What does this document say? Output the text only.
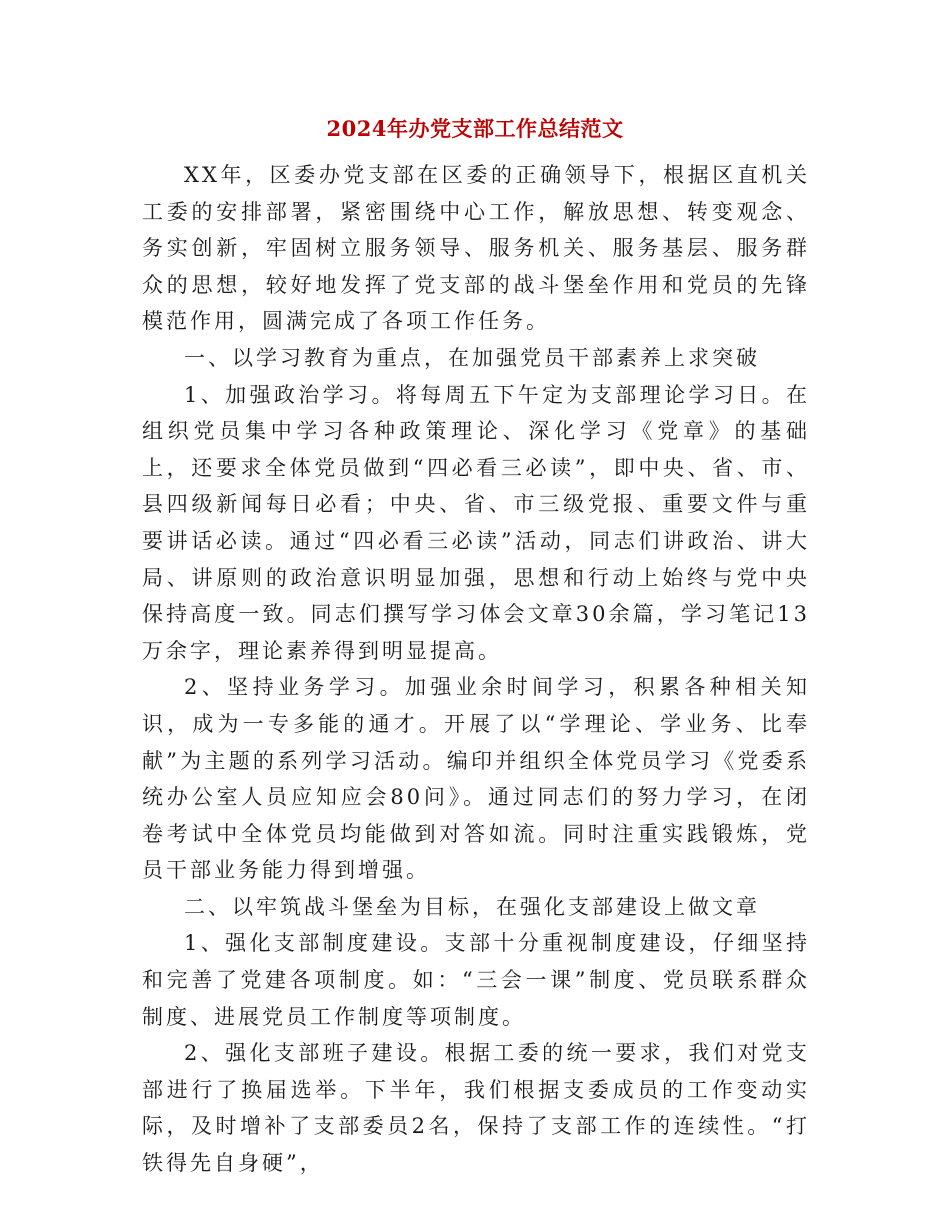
2024年办党支部工作总结范文

XX年，区委办党支部在区委的正确领导下，根据区直机关工委的安排部署，紧密围绕中心工作，解放思想、转变观念、务实创新，牢固树立服务领导、服务机关、服务基层、服务群众的思想，较好地发挥了党支部的战斗堡垒作用和党员的先锋模范作用，圆满完成了各项工作任务。

一、以学习教育为重点，在加强党员干部素养上求突破

1、加强政治学习。将每周五下午定为支部理论学习日。在组织党员集中学习各种政策理论、深化学习《党章》的基础上，还要求全体党员做到“四必看三必读”，即中央、省、市、县四级新闻每日必看；中央、省、市三级党报、重要文件与重要讲话必读。通过“四必看三必读”活动，同志们讲政治、讲大局、讲原则的政治意识明显加强，思想和行动上始终与党中央保持高度一致。同志们撰写学习体会文章30余篇，学习笔记13万余字，理论素养得到明显提高。

2、坚持业务学习。加强业余时间学习，积累各种相关知识，成为一专多能的通才。开展了以“学理论、学业务、比奉献”为主题的系列学习活动。编印并组织全体党员学习《党委系统办公室人员应知应会80问》。通过同志们的努力学习，在闭卷考试中全体党员均能做到对答如流。同时注重实践锻炼，党员干部业务能力得到增强。

二、以牢筑战斗堡垒为目标，在强化支部建设上做文章

1、强化支部制度建设。支部十分重视制度建设，仔细坚持和完善了党建各项制度。如：“三会一课”制度、党员联系群众制度、进展党员工作制度等项制度。

2、强化支部班子建设。根据工委的统一要求，我们对党支部进行了换届选举。下半年，我们根据支委成员的工作变动实际，及时增补了支部委员2名，保持了支部工作的连续性。“打铁得先自身硬”，
